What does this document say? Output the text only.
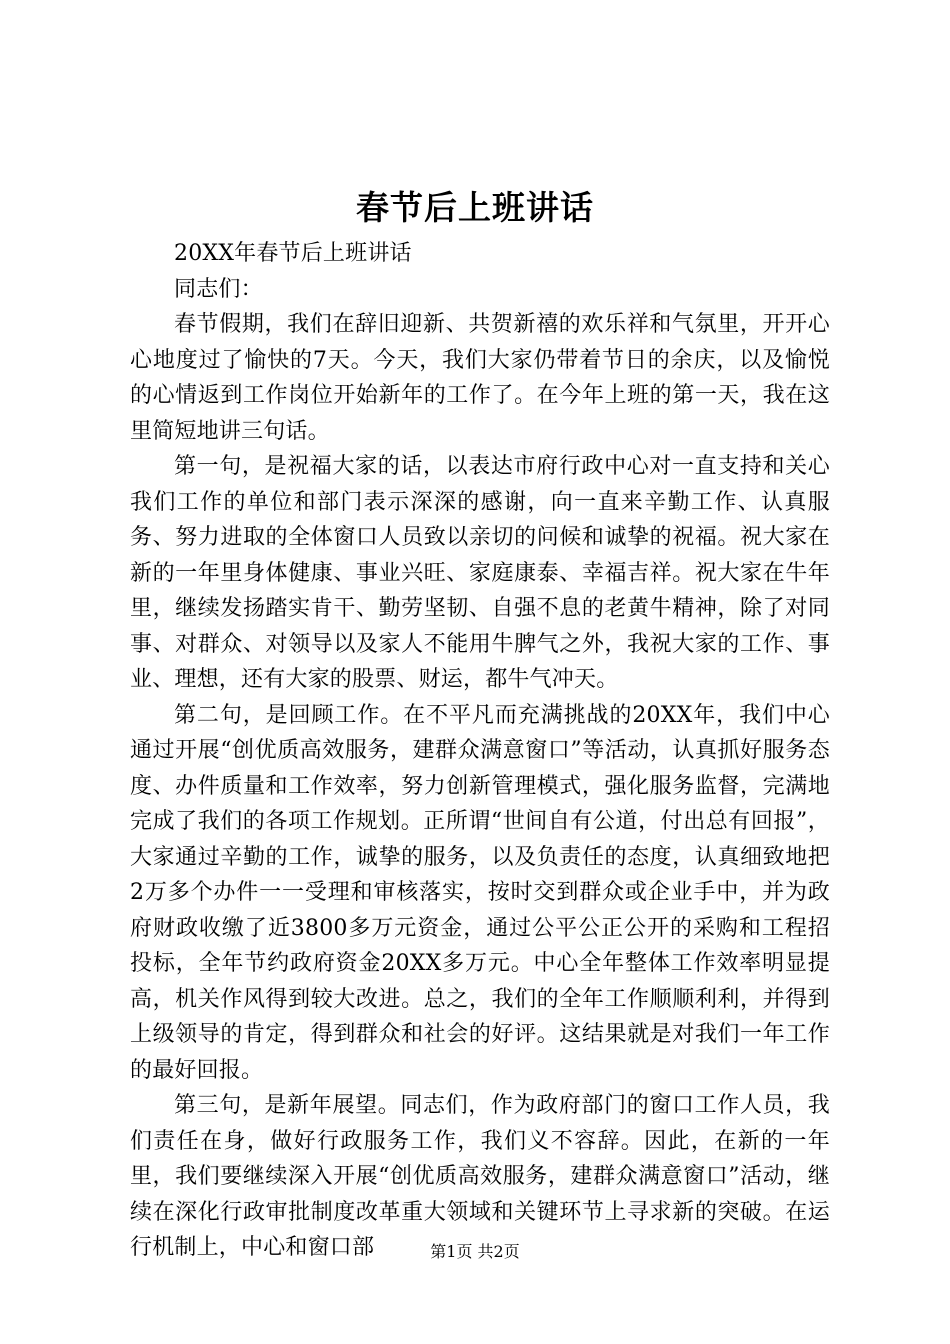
春节后上班讲话

20XX年春节后上班讲话

同志们：

春节假期，我们在辞旧迎新、共贺新禧的欢乐祥和气氛里，开开心心地度过了愉快的7天。今天，我们大家仍带着节日的余庆，以及愉悦的心情返到工作岗位开始新年的工作了。在今年上班的第一天，我在这里简短地讲三句话。

第一句，是祝福大家的话，以表达市府行政中心对一直支持和关心我们工作的单位和部门表示深深的感谢，向一直来辛勤工作、认真服务、努力进取的全体窗口人员致以亲切的问候和诚挚的祝福。祝大家在新的一年里身体健康、事业兴旺、家庭康泰、幸福吉祥。祝大家在牛年里，继续发扬踏实肯干、勤劳坚韧、自强不息的老黄牛精神，除了对同事、对群众、对领导以及家人不能用牛脾气之外，我祝大家的工作、事业、理想，还有大家的股票、财运，都牛气冲天。

第二句，是回顾工作。在不平凡而充满挑战的20XX年，我们中心通过开展“创优质高效服务，建群众满意窗口”等活动，认真抓好服务态度、办件质量和工作效率，努力创新管理模式，强化服务监督，完满地完成了我们的各项工作规划。正所谓“世间自有公道，付出总有回报”，大家通过辛勤的工作，诚挚的服务，以及负责任的态度，认真细致地把2万多个办件一一受理和审核落实，按时交到群众或企业手中，并为政府财政收缴了近3800多万元资金，通过公平公正公开的采购和工程招投标，全年节约政府资金20XX多万元。中心全年整体工作效率明显提高，机关作风得到较大改进。总之，我们的全年工作顺顺利利，并得到上级领导的肯定，得到群众和社会的好评。这结果就是对我们一年工作的最好回报。

第三句，是新年展望。同志们，作为政府部门的窗口工作人员，我们责任在身，做好行政服务工作，我们义不容辞。因此，在新的一年里，我们要继续深入开展“创优质高效服务，建群众满意窗口”活动，继续在深化行政审批制度改革重大领域和关键环节上寻求新的突破。在运行机制上，中心和窗口部	第1页 共2页
